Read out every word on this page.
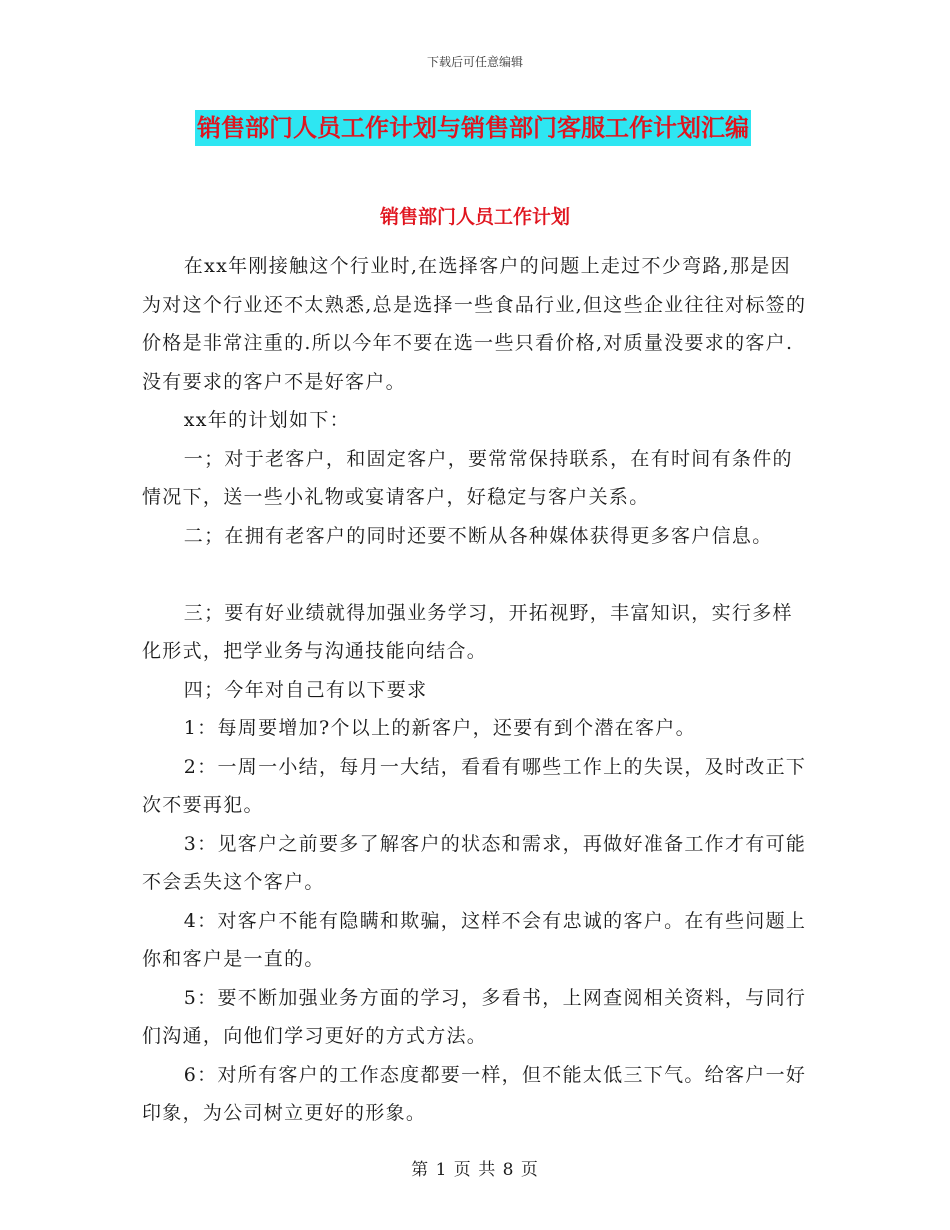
下载后可任意编辑
销售部门人员工作计划与销售部门客服工作计划汇编
销售部门人员工作计划

在xx年刚接触这个行业时,在选择客户的问题上走过不少弯路,那是因为对这个行业还不太熟悉,总是选择一些食品行业,但这些企业往往对标签的价格是非常注重的.所以今年不要在选一些只看价格,对质量没要求的客户.没有要求的客户不是好客户。

xx年的计划如下：

一；对于老客户，和固定客户，要常常保持联系，在有时间有条件的情况下，送一些小礼物或宴请客户，好稳定与客户关系。

二；在拥有老客户的同时还要不断从各种媒体获得更多客户信息。

三；要有好业绩就得加强业务学习，开拓视野，丰富知识，实行多样化形式，把学业务与沟通技能向结合。

四；今年对自己有以下要求

1：每周要增加?个以上的新客户，还要有到个潜在客户。

2：一周一小结，每月一大结，看看有哪些工作上的失误，及时改正下次不要再犯。

3：见客户之前要多了解客户的状态和需求，再做好准备工作才有可能不会丢失这个客户。

4：对客户不能有隐瞒和欺骗，这样不会有忠诚的客户。在有些问题上你和客户是一直的。

5：要不断加强业务方面的学习，多看书，上网查阅相关资料，与同行们沟通，向他们学习更好的方式方法。

6：对所有客户的工作态度都要一样，但不能太低三下气。给客户一好印象，为公司树立更好的形象。

第 1 页 共 8 页
